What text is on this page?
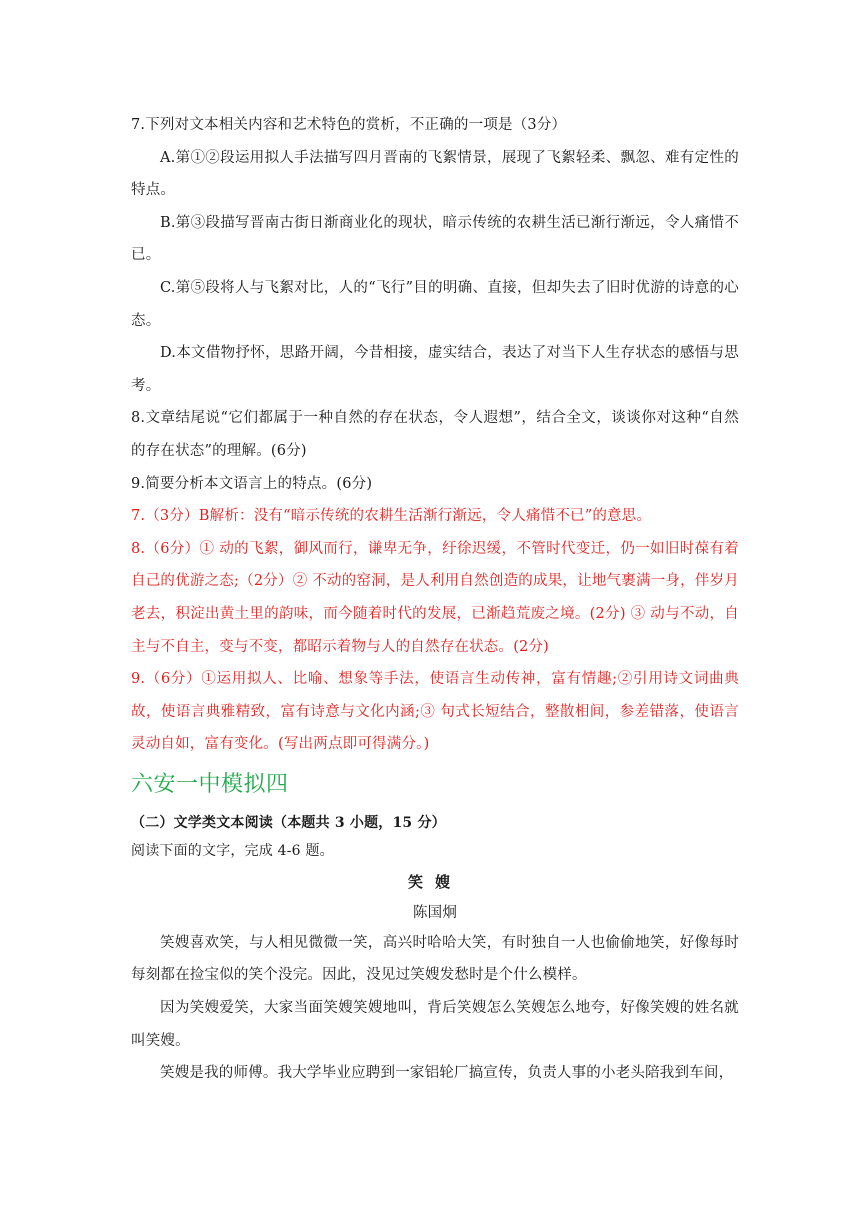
7.下列对文本相关内容和艺术特色的赏析，不正确的一项是（3分）

A.第①②段运用拟人手法描写四月晋南的飞絮情景，展现了飞絮轻柔、飘忽、难有定性的特点。

B.第③段描写晋南古街日渐商业化的现状，暗示传统的农耕生活已渐行渐远，令人痛惜不已。

C.第⑤段将人与飞絮对比，人的“飞行”目的明确、直接，但却失去了旧时优游的诗意的心态。

D.本文借物抒怀，思路开阔，今昔相接，虚实结合，表达了对当下人生存状态的感悟与思考。

8.文章结尾说“它们都属于一种自然的存在状态，令人遐想”，结合全文，谈谈你对这种“自然的存在状态”的理解。(6分)

9.简要分析本文语言上的特点。(6分)

7.（3分）B解析：没有“暗示传统的农耕生活渐行渐远，令人痛惜不已”的意思。

8.（6分）① 动的飞絮，御风而行，谦卑无争，纡徐迟缓，不管时代变迁，仍一如旧时葆有着自己的优游之态;（2分）② 不动的窑洞，是人利用自然创造的成果，让地气裹满一身，伴岁月老去，积淀出黄土里的韵味，而今随着时代的发展，已渐趋荒废之境。(2分) ③ 动与不动，自主与不自主，变与不变，都昭示着物与人的自然存在状态。(2分)

9.（6分）①运用拟人、比喻、想象等手法，使语言生动传神，富有情趣;②引用诗文词曲典故，使语言典雅精致，富有诗意与文化内涵;③ 句式长短结合，整散相间，参差错落，使语言灵动自如，富有变化。(写出两点即可得满分。)

六安一中模拟四

（二）文学类文本阅读（本题共 3 小题，15 分）

阅读下面的文字，完成 4-6 题。

笑嫂

陈国炯

笑嫂喜欢笑，与人相见微微一笑，高兴时哈哈大笑，有时独自一人也偷偷地笑，好像每时每刻都在捡宝似的笑个没完。因此，没见过笑嫂发愁时是个什么模样。

因为笑嫂爱笑，大家当面笑嫂笑嫂地叫，背后笑嫂怎么笑嫂怎么地夸，好像笑嫂的姓名就叫笑嫂。

笑嫂是我的师傅。我大学毕业应聘到一家铝轮厂搞宣传，负责人事的小老头陪我到车间，
